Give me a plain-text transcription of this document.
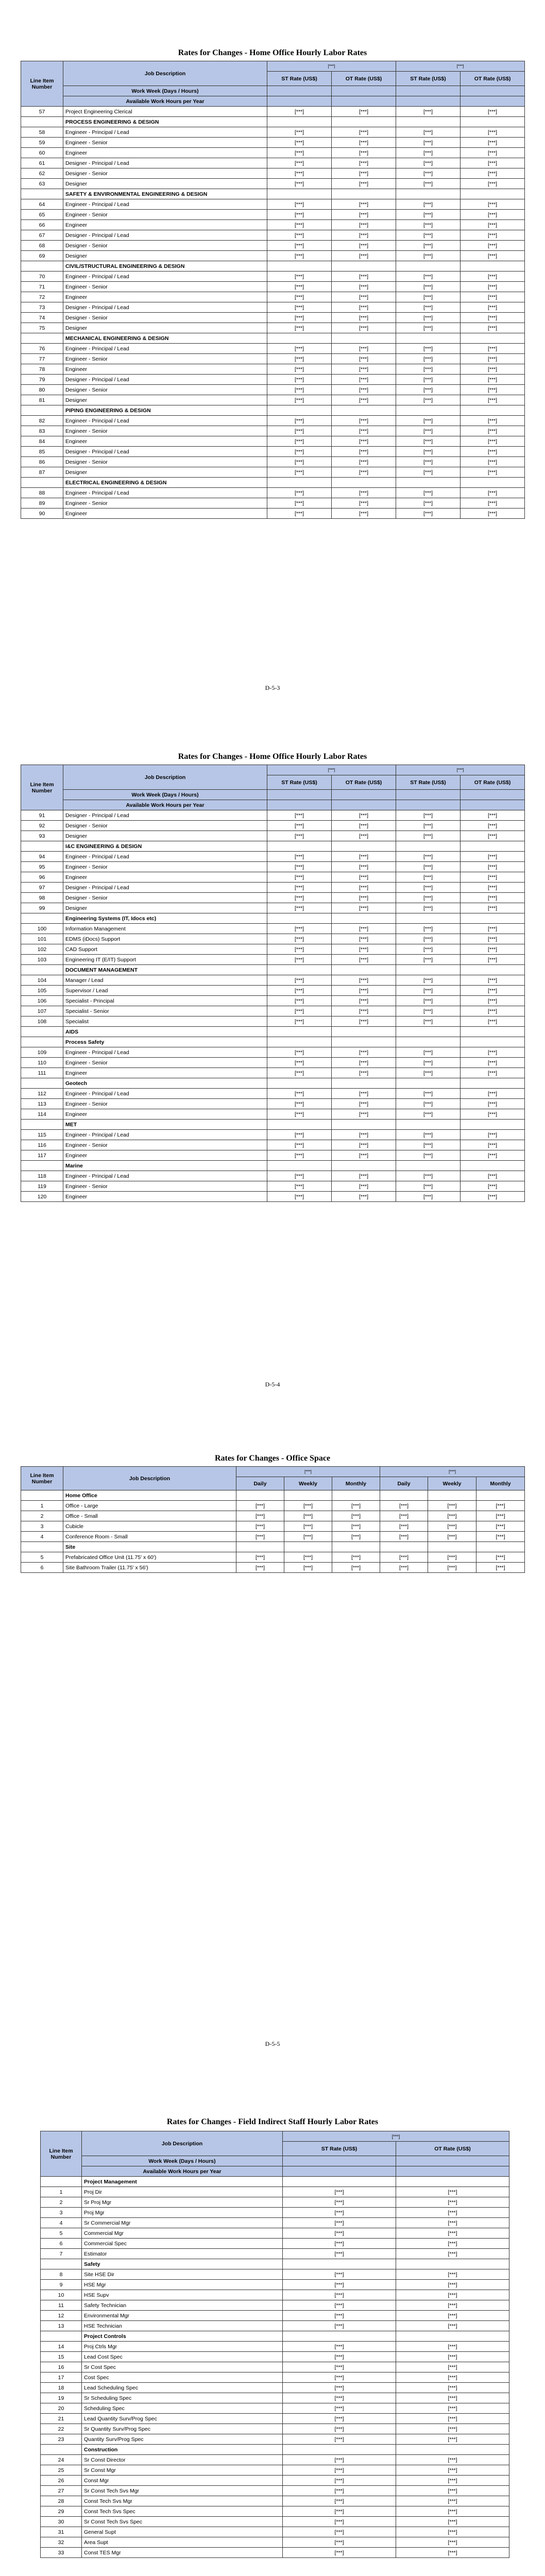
Rates for Changes - Home Office Hourly Labor Rates
Line Item Number	Job Description	[***]		[***]	
		ST Rate (US$)	OT Rate (US$)	ST Rate (US$)	OT Rate (US$)
	Work Week (Days / Hours)				
	Available Work Hours per Year				
57	Project Engineering Clerical	[***]	[***]	[***]	[***]
	PROCESS ENGINEERING & DESIGN				
58	Engineer - Principal / Lead	[***]	[***]	[***]	[***]
59	Engineer - Senior	[***]	[***]	[***]	[***]
60	Engineer	[***]	[***]	[***]	[***]
61	Designer - Principal / Lead	[***]	[***]	[***]	[***]
62	Designer - Senior	[***]	[***]	[***]	[***]
63	Designer	[***]	[***]	[***]	[***]
	SAFETY & ENVIRONMENTAL ENGINEERING & DESIGN				
64	Engineer - Principal / Lead	[***]	[***]	[***]	[***]
65	Engineer - Senior	[***]	[***]	[***]	[***]
66	Engineer	[***]	[***]	[***]	[***]
67	Designer - Principal / Lead	[***]	[***]	[***]	[***]
68	Designer - Senior	[***]	[***]	[***]	[***]
69	Designer	[***]	[***]	[***]	[***]
	CIVIL/STRUCTURAL ENGINEERING & DESIGN				
70	Engineer - Principal / Lead	[***]	[***]	[***]	[***]
71	Engineer - Senior	[***]	[***]	[***]	[***]
72	Engineer	[***]	[***]	[***]	[***]
73	Designer - Principal / Lead	[***]	[***]	[***]	[***]
74	Designer - Senior	[***]	[***]	[***]	[***]
75	Designer	[***]	[***]	[***]	[***]
	MECHANICAL ENGINEERING & DESIGN				
76	Engineer - Principal / Lead	[***]	[***]	[***]	[***]
77	Engineer - Senior	[***]	[***]	[***]	[***]
78	Engineer	[***]	[***]	[***]	[***]
79	Designer - Principal / Lead	[***]	[***]	[***]	[***]
80	Designer - Senior	[***]	[***]	[***]	[***]
81	Designer	[***]	[***]	[***]	[***]
	PIPING ENGINEERING & DESIGN				
82	Engineer - Principal / Lead	[***]	[***]	[***]	[***]
83	Engineer - Senior	[***]	[***]	[***]	[***]
84	Engineer	[***]	[***]	[***]	[***]
85	Designer - Principal / Lead	[***]	[***]	[***]	[***]
86	Designer - Senior	[***]	[***]	[***]	[***]
87	Designer	[***]	[***]	[***]	[***]
	ELECTRICAL ENGINEERING & DESIGN				
88	Engineer - Principal / Lead	[***]	[***]	[***]	[***]
89	Engineer - Senior	[***]	[***]	[***]	[***]
90	Engineer	[***]	[***]	[***]	[***]
D-5-3
Rates for Changes - Home Office Hourly Labor Rates
Line Item Number	Job Description	[***]		[***]	
		ST Rate (US$)	OT Rate (US$)	ST Rate (US$)	OT Rate (US$)
	Work Week (Days / Hours)				
	Available Work Hours per Year				
91	Designer - Principal / Lead	[***]	[***]	[***]	[***]
92	Designer - Senior	[***]	[***]	[***]	[***]
93	Designer	[***]	[***]	[***]	[***]
	I&C ENGINEERING & DESIGN				
94	Engineer - Principal / Lead	[***]	[***]	[***]	[***]
95	Engineer - Senior	[***]	[***]	[***]	[***]
96	Engineer	[***]	[***]	[***]	[***]
97	Designer - Principal / Lead	[***]	[***]	[***]	[***]
98	Designer - Senior	[***]	[***]	[***]	[***]
99	Designer	[***]	[***]	[***]	[***]
	Engineering Systems (IT, Idocs etc)				
100	Information Management	[***]	[***]	[***]	[***]
101	EDMS (iDocs) Support	[***]	[***]	[***]	[***]
102	CAD Support	[***]	[***]	[***]	[***]
103	Engineering IT (E/IT) Support	[***]	[***]	[***]	[***]
	DOCUMENT MANAGEMENT				
104	Manager / Lead	[***]	[***]	[***]	[***]
105	Supervisor / Lead	[***]	[***]	[***]	[***]
106	Specialist - Principal	[***]	[***]	[***]	[***]
107	Specialist - Senior	[***]	[***]	[***]	[***]
108	Specialist	[***]	[***]	[***]	[***]
	AIDS				
	Process Safety				
109	Engineer - Principal / Lead	[***]	[***]	[***]	[***]
110	Engineer - Senior	[***]	[***]	[***]	[***]
111	Engineer	[***]	[***]	[***]	[***]
	Geotech				
112	Engineer - Principal / Lead	[***]	[***]	[***]	[***]
113	Engineer - Senior	[***]	[***]	[***]	[***]
114	Engineer	[***]	[***]	[***]	[***]
	MET				
115	Engineer - Principal / Lead	[***]	[***]	[***]	[***]
116	Engineer - Senior	[***]	[***]	[***]	[***]
117	Engineer	[***]	[***]	[***]	[***]
	Marine				
118	Engineer - Principal / Lead	[***]	[***]	[***]	[***]
119	Engineer - Senior	[***]	[***]	[***]	[***]
120	Engineer	[***]	[***]	[***]	[***]
D-5-4
Rates for Changes - Office Space
Line Item Number	Job Description	[***]			[***]		
		Daily	Weekly	Monthly	Daily	Weekly	Monthly
	Home Office						
1	Office - Large	[***]	[***]	[***]	[***]	[***]	[***]
2	Office - Small	[***]	[***]	[***]	[***]	[***]	[***]
3	Cubicle	[***]	[***]	[***]	[***]	[***]	[***]
4	Conference Room - Small	[***]	[***]	[***]	[***]	[***]	[***]
	Site						
5	Prefabricated Office Unit (11.75' x 60')	[***]	[***]	[***]	[***]	[***]	[***]
6	Site Bathroom Trailer (11.75' x 56')	[***]	[***]	[***]	[***]	[***]	[***]
D-5-5
Rates for Changes - Field Indirect Staff Hourly Labor Rates
Line Item Number	Job Description	[***]	
		ST Rate (US$)	OT Rate (US$)
	Work Week (Days / Hours)		
	Available Work Hours per Year		
	Project Management		
1	Proj Dir	[***]	[***]
2	Sr Proj Mgr	[***]	[***]
3	Proj Mgr	[***]	[***]
4	Sr Commercial Mgr	[***]	[***]
5	Commercial Mgr	[***]	[***]
6	Commercial Spec	[***]	[***]
7	Estimator	[***]	[***]
	Safety		
8	Site HSE Dir	[***]	[***]
9	HSE Mgr	[***]	[***]
10	HSE Supv	[***]	[***]
11	Safety Technician	[***]	[***]
12	Environmental Mgr	[***]	[***]
13	HSE Technician	[***]	[***]
	Project Controls		
14	Proj Ctrls Mgr	[***]	[***]
15	Lead Cost Spec	[***]	[***]
16	Sr Cost Spec	[***]	[***]
17	Cost Spec	[***]	[***]
18	Lead Scheduling Spec	[***]	[***]
19	Sr Scheduling Spec	[***]	[***]
20	Scheduling Spec	[***]	[***]
21	Lead Quantity Surv/Prog Spec	[***]	[***]
22	Sr Quantity Surv/Prog Spec	[***]	[***]
23	Quantity Surv/Prog Spec	[***]	[***]
	Construction		
24	Sr Const Director	[***]	[***]
25	Sr Const Mgr	[***]	[***]
26	Const Mgr	[***]	[***]
27	Sr Const Tech Svs Mgr	[***]	[***]
28	Const Tech Svs Mgr	[***]	[***]
29	Const Tech Svs Spec	[***]	[***]
30	Sr Const Tech Svs Spec	[***]	[***]
31	General Supt	[***]	[***]
32	Area Supt	[***]	[***]
33	Const TES Mgr	[***]	[***]
